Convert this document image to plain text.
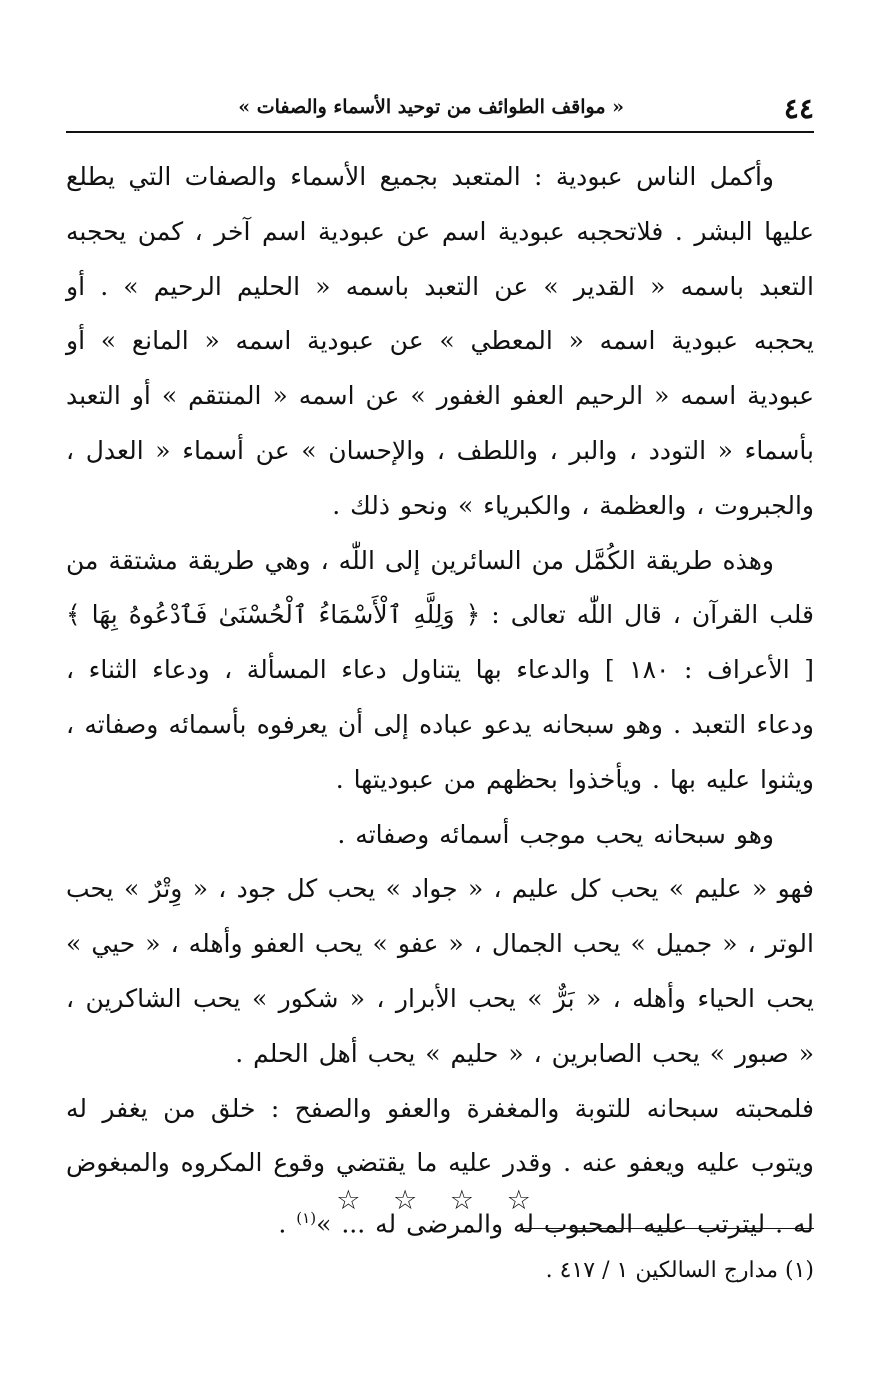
٤٤
« مواقف الطوائف من توحيد الأسماء والصفات »

وأكمل الناس عبودية : المتعبد بجميع الأسماء والصفات التي يطلع عليها البشر . فلاتحجبه عبودية اسم عن عبودية اسم آخر ، كمن يحجبه التعبد باسمه « القدير » عن التعبد باسمه « الحليم الرحيم » . أو يحجبه عبودية اسمه « المعطي » عن عبودية اسمه « المانع » أو عبودية اسمه « الرحيم العفو الغفور » عن اسمه « المنتقم » أو التعبد بأسماء « التودد ، والبر ، واللطف ، والإحسان » عن أسماء « العدل ، والجبروت ، والعظمة ، والكبرياء » ونحو ذلك .

وهذه طريقة الكُمَّل من السائرين إلى اللّٰه ، وهي طريقة مشتقة من قلب القرآن ، قال اللّٰه تعالى : ﴿ وَلِلَّهِ ٱلْأَسْمَاءُ ٱلْحُسْنَىٰ فَٱدْعُوهُ بِهَا ﴾ [ الأعراف : ١٨٠ ] والدعاء بها يتناول دعاء المسألة ، ودعاء الثناء ، ودعاء التعبد . وهو سبحانه يدعو عباده إلى أن يعرفوه بأسمائه وصفاته ، ويثنوا عليه بها . ويأخذوا بحظهم من عبوديتها .

وهو سبحانه يحب موجب أسمائه وصفاته .

فهو « عليم » يحب كل عليم ، « جواد » يحب كل جود ، « وِتْرٌ » يحب الوتر ، « جميل » يحب الجمال ، « عفو » يحب العفو وأهله ، « حيي » يحب الحياء وأهله ، « بَرٌّ » يحب الأبرار ، « شكور » يحب الشاكرين ، « صبور » يحب الصابرين ، « حليم » يحب أهل الحلم .

فلمحبته سبحانه للتوبة والمغفرة والعفو والصفح : خلق من يغفر له ويتوب عليه ويعفو عنه . وقدر عليه ما يقتضي وقوع المكروه والمبغوض له . ليترتب عليه المحبوب له والمرضى له ... »$^{(١)}$ .

☆ ☆ ☆ ☆
(١) مدارج السالكين ١ / ٤١٧ .
